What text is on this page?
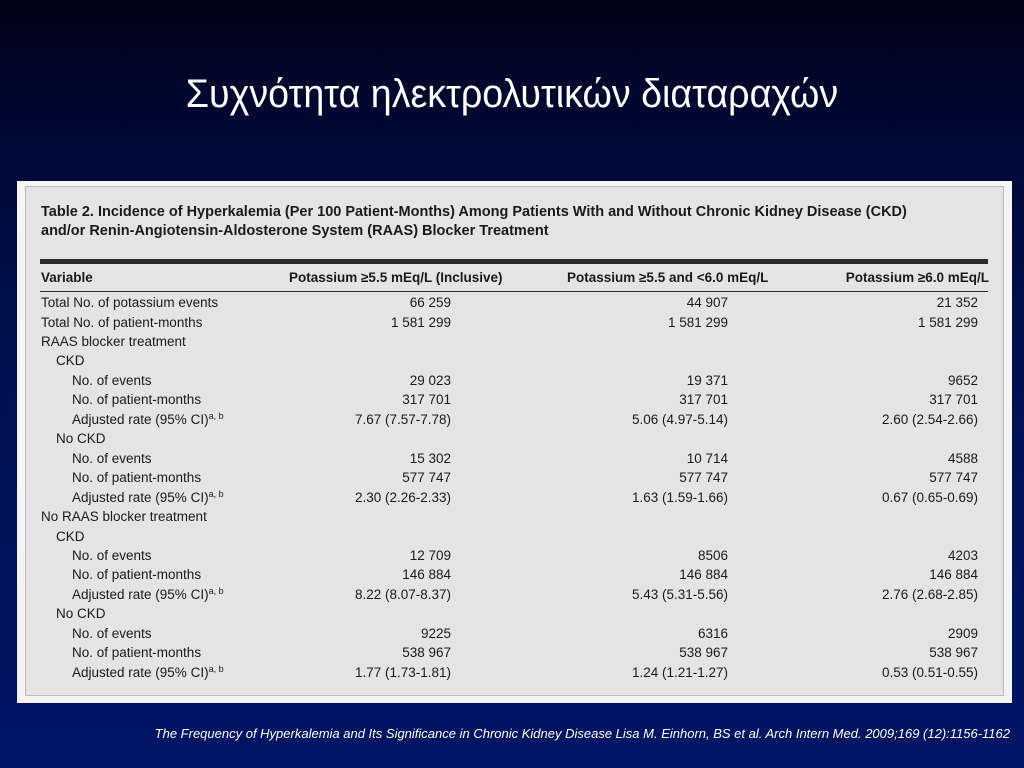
Συχνότητα ηλεκτρολυτικών διαταραχών
Table 2. Incidence of Hyperkalemia (Per 100 Patient-Months) Among Patients With and Without Chronic Kidney Disease (CKD)
and/or Renin-Angiotensin-Aldosterone System (RAAS) Blocker Treatment
Variable	Potassium ≥5.5 mEq/L (Inclusive)	Potassium ≥5.5 and <6.0 mEq/L	Potassium ≥6.0 mEq/L
Total No. of potassium events	66 259	44 907	21 352
Total No. of patient-months	1 581 299	1 581 299	1 581 299
RAAS blocker treatment
CKD
No. of events	29 023	19 371	9652
No. of patient-months	317 701	317 701	317 701
Adjusted rate (95% CI)$^{a, b}$	7.67 (7.57-7.78)	5.06 (4.97-5.14)	2.60 (2.54-2.66)
No CKD
No. of events	15 302	10 714	4588
No. of patient-months	577 747	577 747	577 747
Adjusted rate (95% CI)$^{a, b}$	2.30 (2.26-2.33)	1.63 (1.59-1.66)	0.67 (0.65-0.69)
No RAAS blocker treatment
CKD
No. of events	12 709	8506	4203
No. of patient-months	146 884	146 884	146 884
Adjusted rate (95% CI)$^{a, b}$	8.22 (8.07-8.37)	5.43 (5.31-5.56)	2.76 (2.68-2.85)
No CKD
No. of events	9225	6316	2909
No. of patient-months	538 967	538 967	538 967
Adjusted rate (95% CI)$^{a, b}$	1.77 (1.73-1.81)	1.24 (1.21-1.27)	0.53 (0.51-0.55)
The Frequency of Hyperkalemia and Its Significance in Chronic Kidney Disease Lisa M. Einhorn, BS et al. Arch Intern Med. 2009;169 (12):1156-1162
